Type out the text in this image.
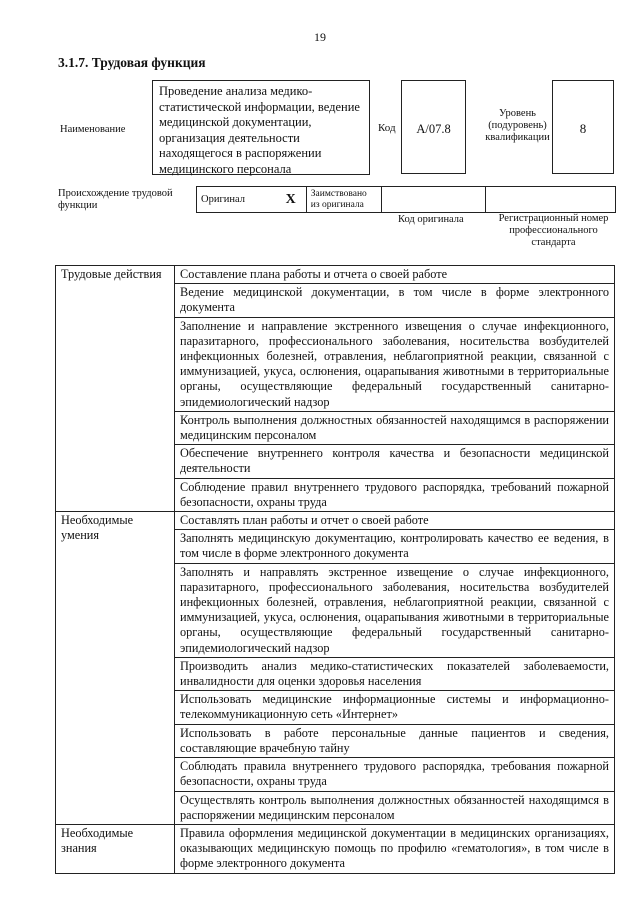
19
3.1.7. Трудовая функция
Наименование
Проведение анализа медико-статистической информации, ведение медицинской документации, организация деятельности находящегося в распоряжении медицинского персонала
Код	А/07.8
Уровень (подуровень) квалификации
8
Происхождение трудовой функции
Оригинал	X	Заимствовано из оригинала		
Код оригинала	Регистрационный номер профессионального стандарта
Трудовые действия	Составление плана работы и отчета о своей работе
	Ведение медицинской документации, в том числе в форме электронного документа
	Заполнение и направление экстренного извещения о случае инфекционного, паразитарного, профессионального заболевания, носительства возбудителей инфекционных болезней, отравления, неблагоприятной реакции, связанной с иммунизацией, укуса, ослюнения, оцарапывания животными в территориальные органы, осуществляющие федеральный государственный санитарно-эпидемиологический надзор
	Контроль выполнения должностных обязанностей находящимся в распоряжении медицинским персоналом
	Обеспечение внутреннего контроля качества и безопасности медицинской деятельности
	Соблюдение правил внутреннего трудового распорядка, требований пожарной безопасности, охраны труда
Необходимые умения	Составлять план работы и отчет о своей работе
	Заполнять медицинскую документацию, контролировать качество ее ведения, в том числе в форме электронного документа
	Заполнять и направлять экстренное извещение о случае инфекционного, паразитарного, профессионального заболевания, носительства возбудителей инфекционных болезней, отравления, неблагоприятной реакции, связанной с иммунизацией, укуса, ослюнения, оцарапывания животными в территориальные органы, осуществляющие федеральный государственный санитарно-эпидемиологический надзор
	Производить анализ медико-статистических показателей заболеваемости, инвалидности для оценки здоровья населения
	Использовать медицинские информационные системы и информационно-телекоммуникационную сеть «Интернет»
	Использовать в работе персональные данные пациентов и сведения, составляющие врачебную тайну
	Соблюдать правила внутреннего трудового распорядка, требования пожарной безопасности, охраны труда
	Осуществлять контроль выполнения должностных обязанностей находящимся в распоряжении медицинским персоналом
Необходимые знания	Правила оформления медицинской документации в медицинских организациях, оказывающих медицинскую помощь по профилю «гематология», в том числе в форме электронного документа
